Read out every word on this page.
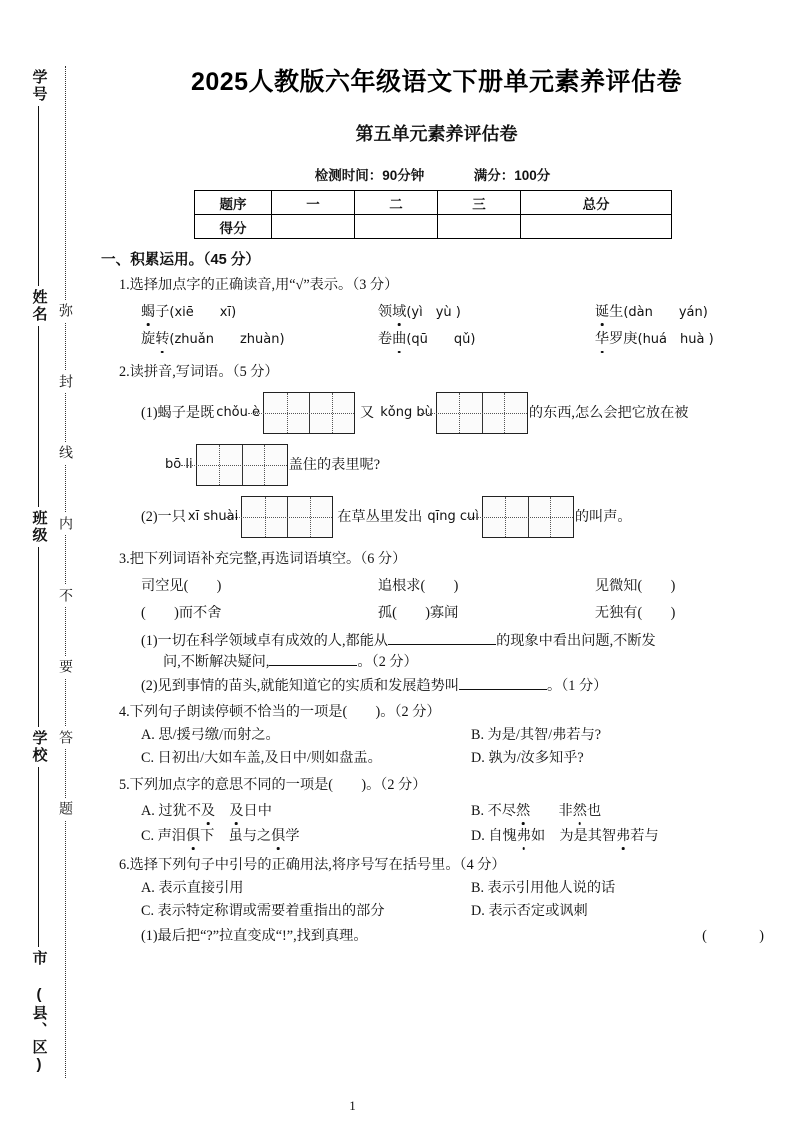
学号
姓名
班级
学校
市 (县、区)
弥
封
线
内
不
要
答
题
2025人教版六年级语文下册单元素养评估卷
第五单元素养评估卷
检测时间：90分钟	满分：100分
题序	一	二	三	总分
得分				
一、积累运用。（45 分）
1.选择加点字的正确读音,用“√”表示。（3 分）
蝎子(xiē　　xī)	领域(yì　yù )	诞生(dàn　　yán)
旋转(zhuǎn　　zhuàn)	卷曲(qū　　qǔ)	华罗庚(huá　huà )
2.读拼音,写词语。（5 分）
(1)蝎子是既 chǒu è	又 kǒng bù	的东西,怎么会把它放在被
bō li	盖住的表里呢?
(2)一只 xī shuài	在草丛里发出 qīng cuì	的叫声。
3.把下列词语补充完整,再选词语填空。（6 分）
司空见(　　)	追根求(　　)	见微知(　　)
(　　)而不舍	孤(　　)寡闻	无独有(　　)
(1)一切在科学领域卓有成效的人,都能从	的现象中看出问题,不断发
问,不断解决疑问,	。（2 分）
(2)见到事情的苗头,就能知道它的实质和发展趋势叫	。（1 分）
4.下列句子朗读停顿不恰当的一项是(　　)。（2 分）
A. 思/援弓缴/而射之。	B. 为是/其智/弗若与?
C. 日初出/大如车盖,及日中/则如盘盂。	D. 孰为/汝多知乎?
5.下列加点字的意思不同的一项是(　　)。（2 分）
A. 过犹不及　 及日中	B. 不尽然　　非然也
C. 声泪俱下　虽与之俱学	D. 自愧弗如　为是其智弗若与
6.选择下列句子中引号的正确用法,将序号写在括号里。（4 分）
A. 表示直接引用	B. 表示引用他人说的话
C. 表示特定称谓或需要着重指出的部分	D. 表示否定或讽刺
(1)最后把“?”拉直变成“!”,找到真理。	(　　)
1
